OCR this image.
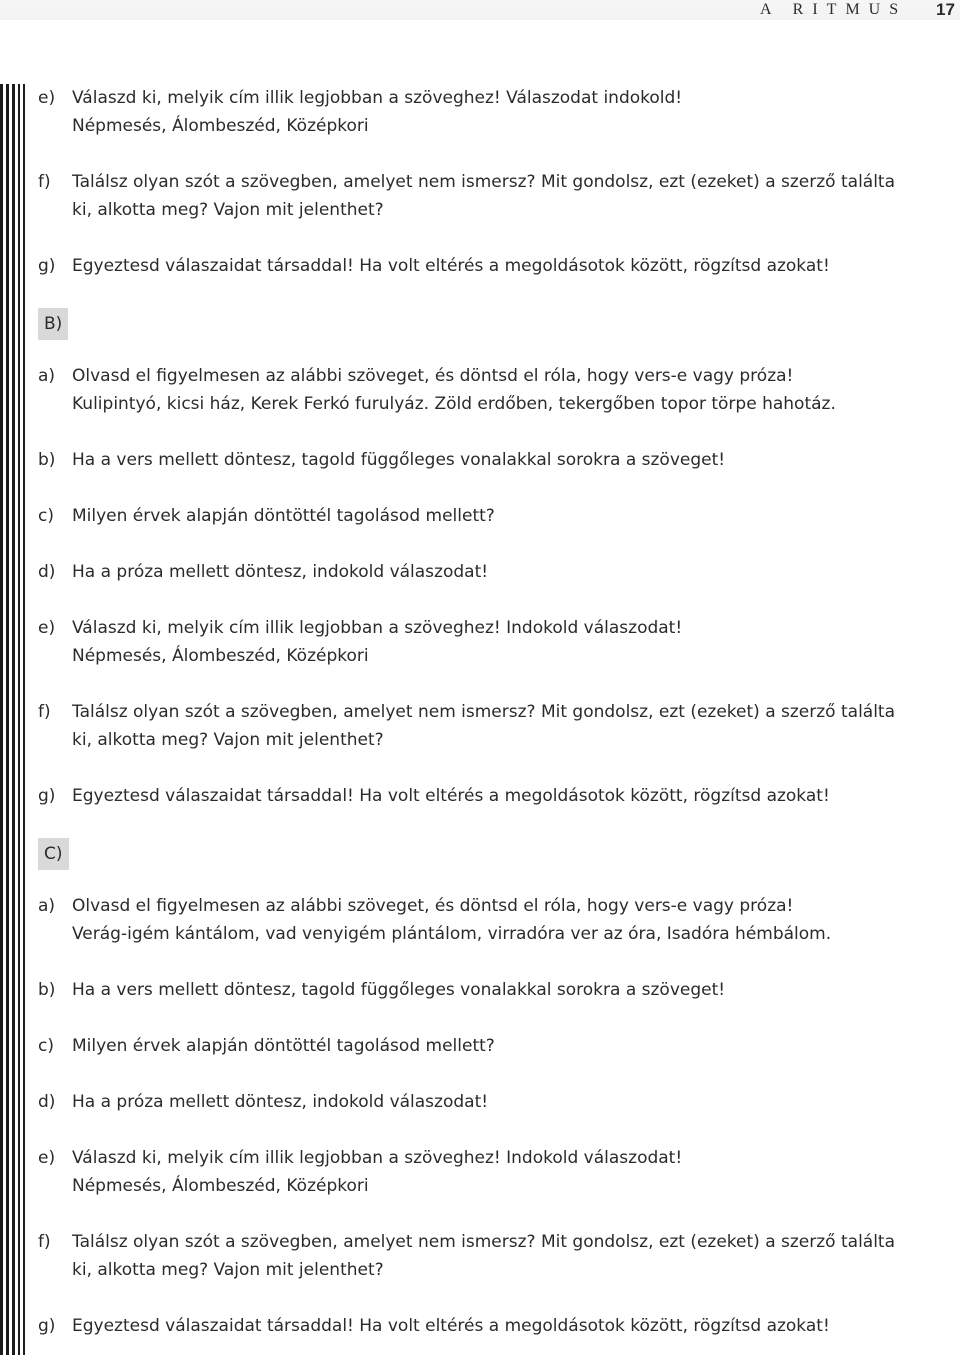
A RITMUS 17
e) Válaszd ki, melyik cím illik legjobban a szöveghez! Válaszodat indokold!
Népmesés, Álombeszéd, Középkori
f) Találsz olyan szót a szövegben, amelyet nem ismersz? Mit gondolsz, ezt (ezeket) a szerző találta
ki, alkotta meg? Vajon mit jelenthet?
g) Egyeztesd válaszaidat társaddal! Ha volt eltérés a megoldásotok között, rögzítsd azokat!
B)
a) Olvasd el figyelmesen az alábbi szöveget, és döntsd el róla, hogy vers-e vagy próza!
Kulipintyó, kicsi ház, Kerek Ferkó furulyáz. Zöld erdőben, tekergőben topor törpe hahotáz.
b) Ha a vers mellett döntesz, tagold függőleges vonalakkal sorokra a szöveget!
c) Milyen érvek alapján döntöttél tagolásod mellett?
d) Ha a próza mellett döntesz, indokold válaszodat!
e) Válaszd ki, melyik cím illik legjobban a szöveghez! Indokold válaszodat!
Népmesés, Álombeszéd, Középkori
f) Találsz olyan szót a szövegben, amelyet nem ismersz? Mit gondolsz, ezt (ezeket) a szerző találta
ki, alkotta meg? Vajon mit jelenthet?
g) Egyeztesd válaszaidat társaddal! Ha volt eltérés a megoldásotok között, rögzítsd azokat!
C)
a) Olvasd el figyelmesen az alábbi szöveget, és döntsd el róla, hogy vers-e vagy próza!
Verág-igém kántálom, vad venyigém plántálom, virradóra ver az óra, Isadóra hémbálom.
b) Ha a vers mellett döntesz, tagold függőleges vonalakkal sorokra a szöveget!
c) Milyen érvek alapján döntöttél tagolásod mellett?
d) Ha a próza mellett döntesz, indokold válaszodat!
e) Válaszd ki, melyik cím illik legjobban a szöveghez! Indokold válaszodat!
Népmesés, Álombeszéd, Középkori
f) Találsz olyan szót a szövegben, amelyet nem ismersz? Mit gondolsz, ezt (ezeket) a szerző találta
ki, alkotta meg? Vajon mit jelenthet?
g) Egyeztesd válaszaidat társaddal! Ha volt eltérés a megoldásotok között, rögzítsd azokat!
